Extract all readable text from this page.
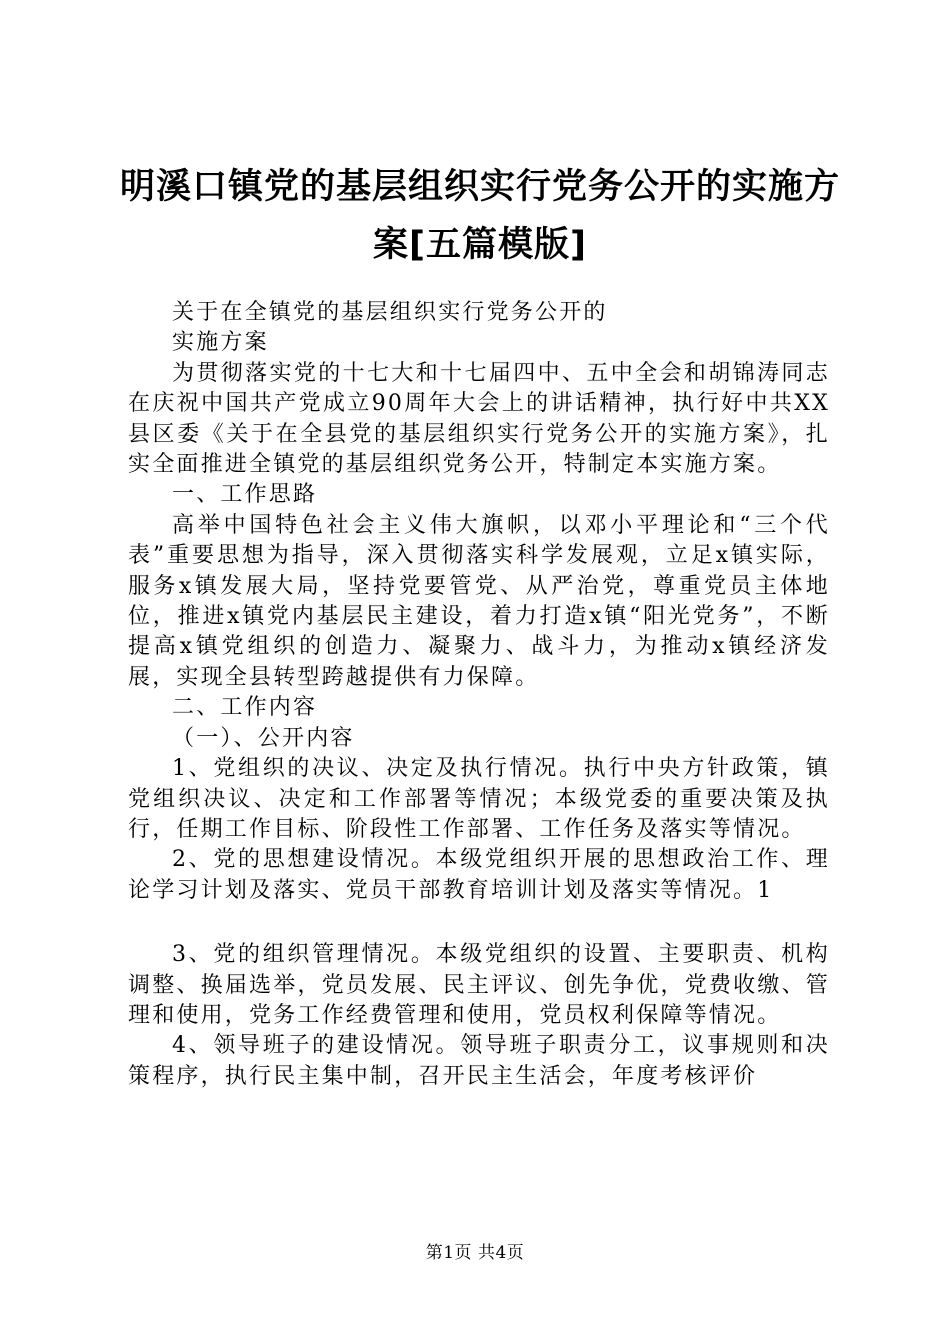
明溪口镇党的基层组织实行党务公开的实施方
案[五篇模版]

关于在全镇党的基层组织实行党务公开的

实施方案

为贯彻落实党的十七大和十七届四中、五中全会和胡锦涛同志在庆祝中国共产党成立90周年大会上的讲话精神，执行好中共XX县区委《关于在全县党的基层组织实行党务公开的实施方案》，扎实全面推进全镇党的基层组织党务公开，特制定本实施方案。

一、工作思路

高举中国特色社会主义伟大旗帜，以邓小平理论和“三个代表”重要思想为指导，深入贯彻落实科学发展观，立足x镇实际，服务x镇发展大局，坚持党要管党、从严治党，尊重党员主体地位，推进x镇党内基层民主建设，着力打造x镇“阳光党务”，不断提高x镇党组织的创造力、凝聚力、战斗力，为推动x镇经济发展，实现全县转型跨越提供有力保障。

二、工作内容

（一）、公开内容

1、党组织的决议、决定及执行情况。执行中央方针政策，镇党组织决议、决定和工作部署等情况；本级党委的重要决策及执行，任期工作目标、阶段性工作部署、工作任务及落实等情况。

2、党的思想建设情况。本级党组织开展的思想政治工作、理论学习计划及落实、党员干部教育培训计划及落实等情况。1

3、党的组织管理情况。本级党组织的设置、主要职责、机构调整、换届选举，党员发展、民主评议、创先争优，党费收缴、管理和使用，党务工作经费管理和使用，党员权利保障等情况。

4、领导班子的建设情况。领导班子职责分工，议事规则和决策程序，执行民主集中制，召开民主生活会，年度考核评价

第1页 共4页
